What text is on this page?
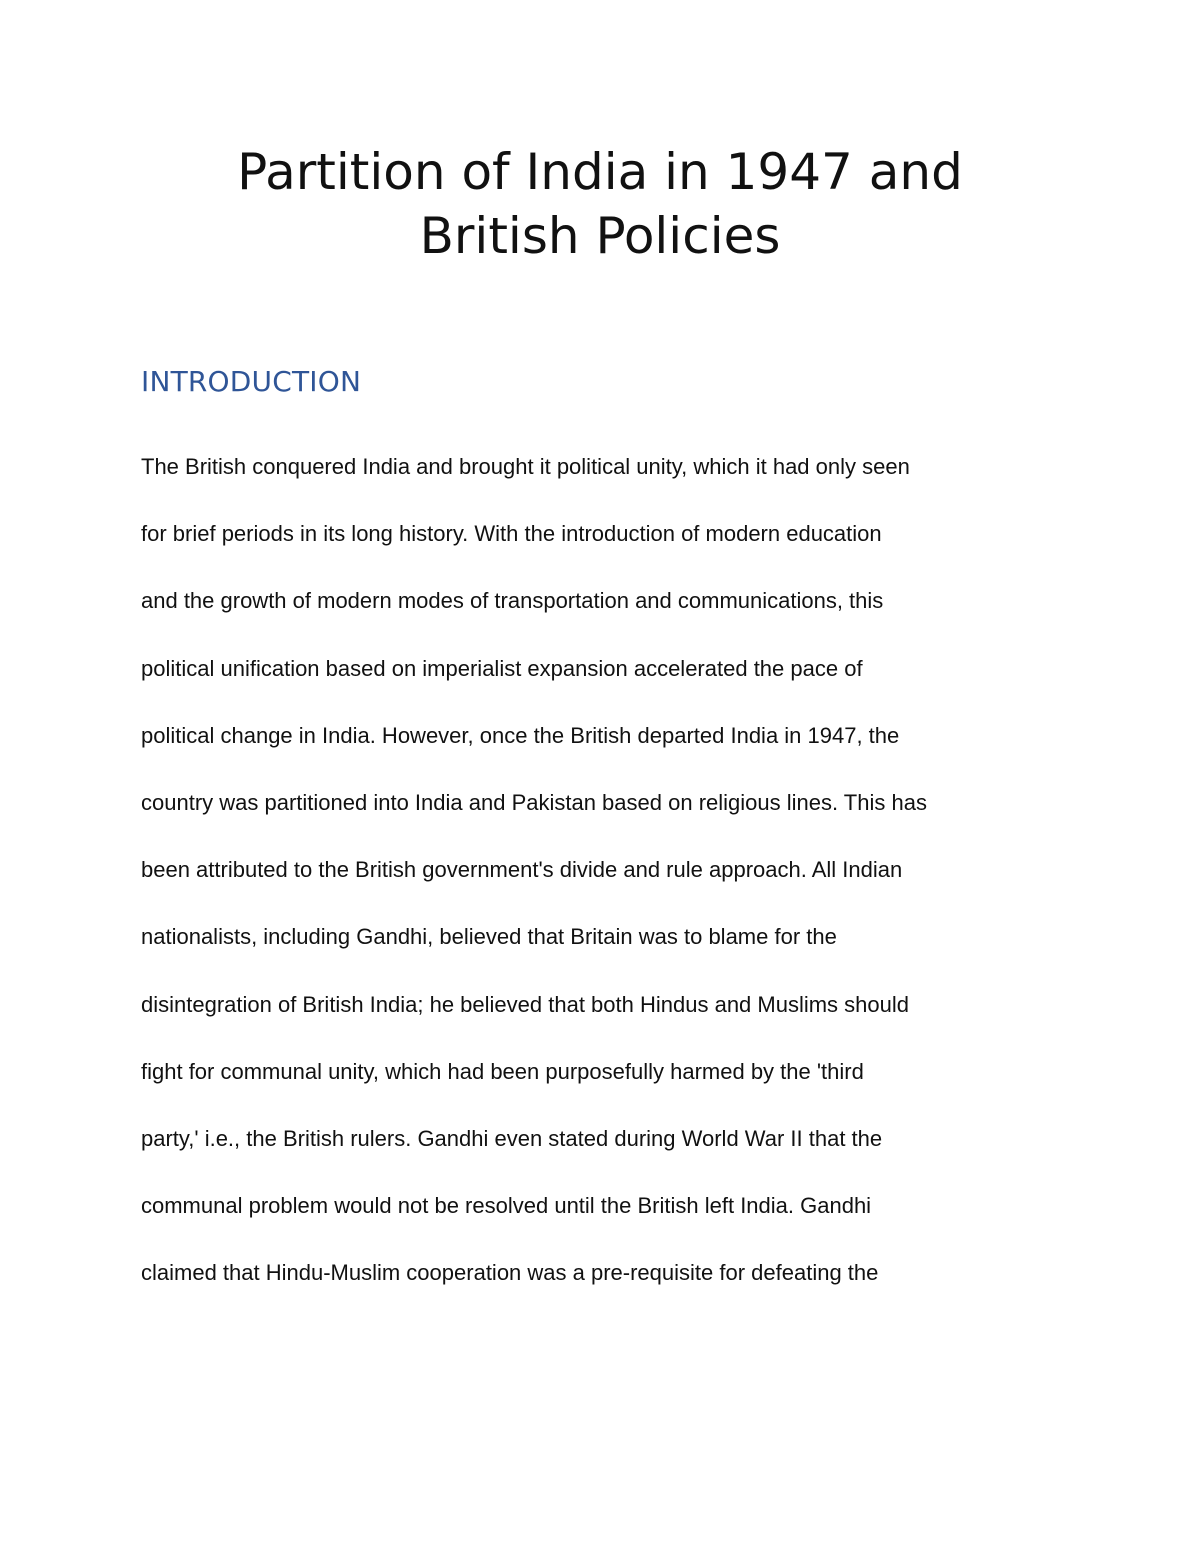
Partition of India in 1947 and
British Policies
INTRODUCTION
The British conquered India and brought it political unity, which it had only seen
for brief periods in its long history. With the introduction of modern education
and the growth of modern modes of transportation and communications, this
political unification based on imperialist expansion accelerated the pace of
political change in India. However, once the British departed India in 1947, the
country was partitioned into India and Pakistan based on religious lines. This has
been attributed to the British government's divide and rule approach. All Indian
nationalists, including Gandhi, believed that Britain was to blame for the
disintegration of British India; he believed that both Hindus and Muslims should
fight for communal unity, which had been purposefully harmed by the 'third
party,' i.e., the British rulers. Gandhi even stated during World War II that the
communal problem would not be resolved until the British left India. Gandhi
claimed that Hindu-Muslim cooperation was a pre-requisite for defeating the
